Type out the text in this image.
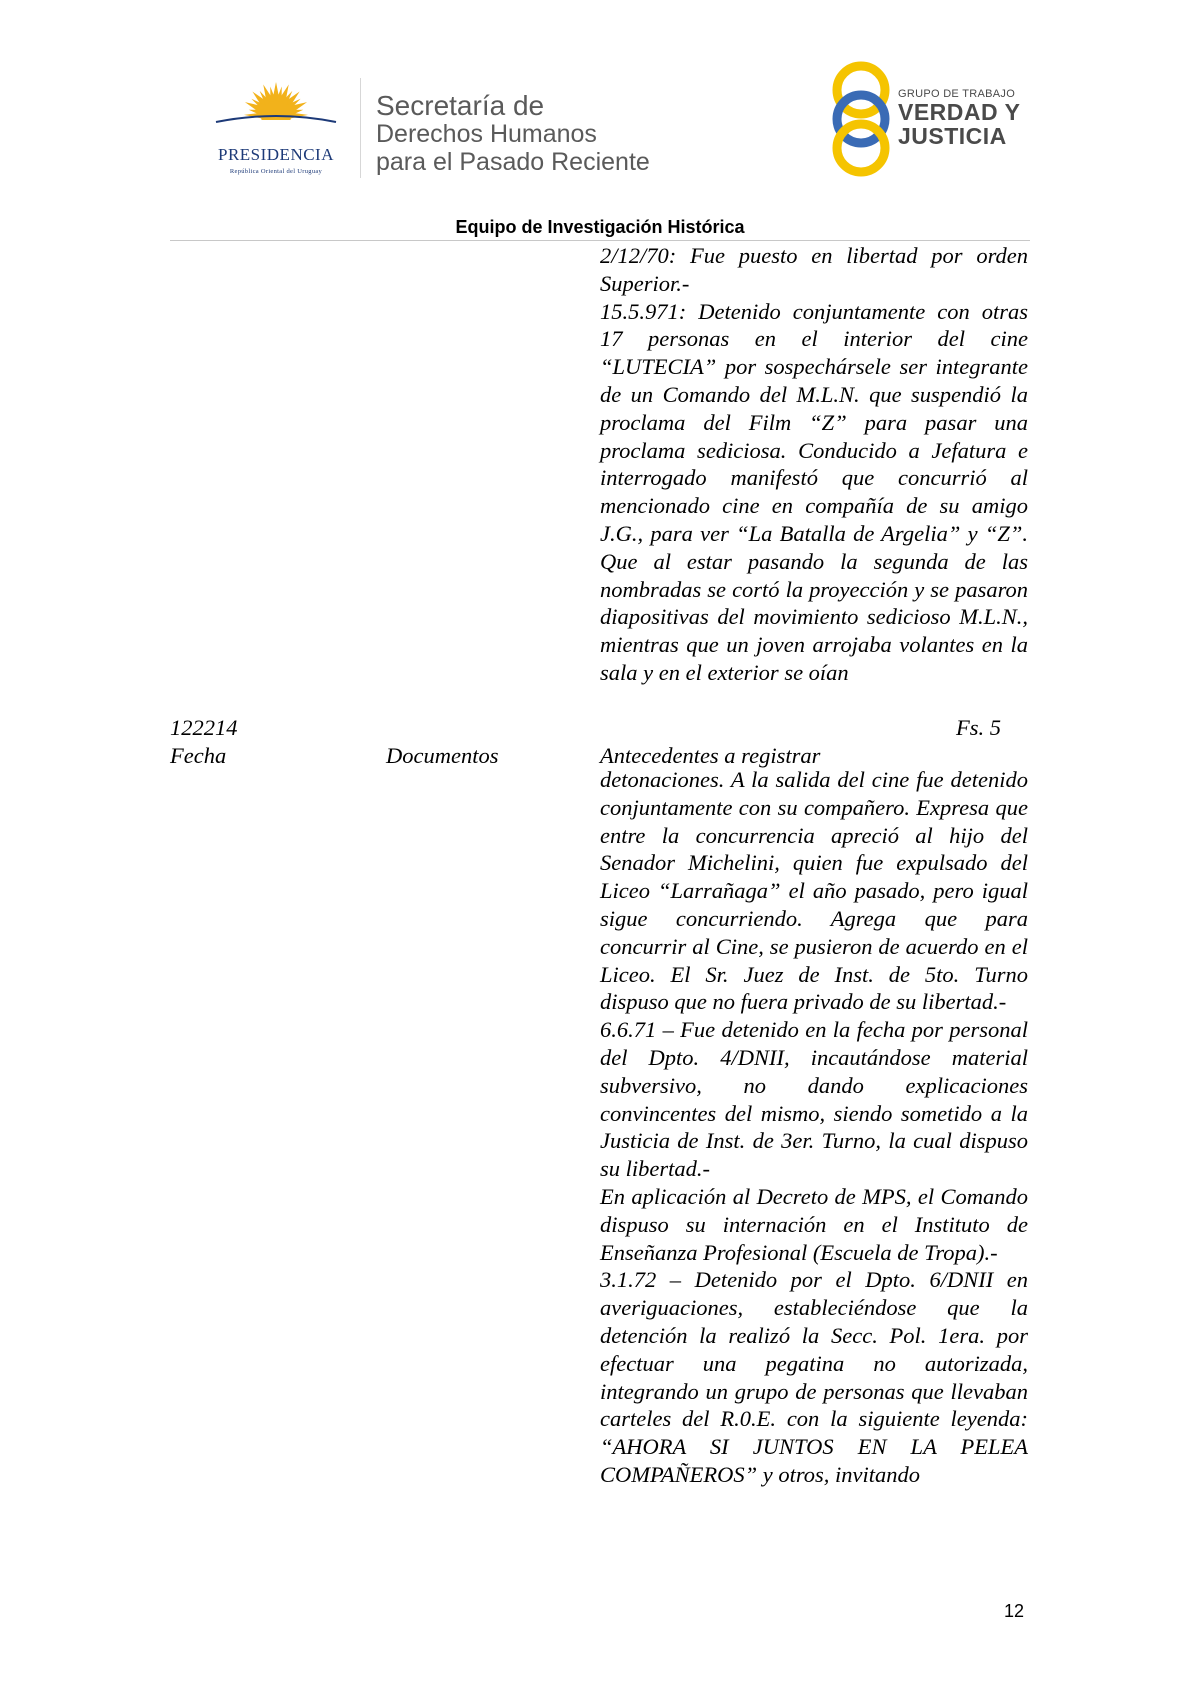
PRESIDENCIA
República Oriental del Uruguay
Secretaría de
Derechos Humanos
para el Pasado Reciente
GRUPO DE TRABAJO
VERDAD Y
JUSTICIA
Equipo de Investigación Histórica

2/12/70: Fue puesto en libertad por orden Superior.-

15.5.971: Detenido conjuntamente con otras 17 personas en el interior del cine “LUTECIA” por sospechársele ser integrante de un Comando del M.L.N. que suspendió la proclama del Film “Z” para pasar una proclama sediciosa. Conducido a Jefatura e interrogado manifestó que concurrió al mencionado cine en compañía de su amigo J.G., para ver “La Batalla de Argelia” y “Z”. Que al estar pasando la segunda de las nombradas se cortó la proyección y se pasaron diapositivas del movimiento sedicioso M.L.N., mientras que un joven arrojaba volantes en la sala y en el exterior se oían

122214	Fs. 5
Fecha	Documentos	Antecedentes a registrar

detonaciones. A la salida del cine fue detenido conjuntamente con su compañero. Expresa que entre la concurrencia apreció al hijo del Senador Michelini, quien fue expulsado del Liceo “Larrañaga” el año pasado, pero igual sigue concurriendo. Agrega que para concurrir al Cine, se pusieron de acuerdo en el Liceo. El Sr. Juez de Inst. de 5to. Turno dispuso que no fuera privado de su libertad.-

6.6.71 – Fue detenido en la fecha por personal del Dpto. 4/DNII, incautándose material subversivo, no dando explicaciones convincentes del mismo, siendo sometido a la Justicia de Inst. de 3er. Turno, la cual dispuso su libertad.-

En aplicación al Decreto de MPS, el Comando dispuso su internación en el Instituto de Enseñanza Profesional (Escuela de Tropa).-

3.1.72 – Detenido por el Dpto. 6/DNII en averiguaciones, estableciéndose que la detención la realizó la Secc. Pol. 1era. por efectuar una pegatina no autorizada, integrando un grupo de personas que llevaban carteles del R.0.E. con la siguiente leyenda: “AHORA SI JUNTOS EN LA PELEA COMPAÑEROS” y otros, invitando

12
